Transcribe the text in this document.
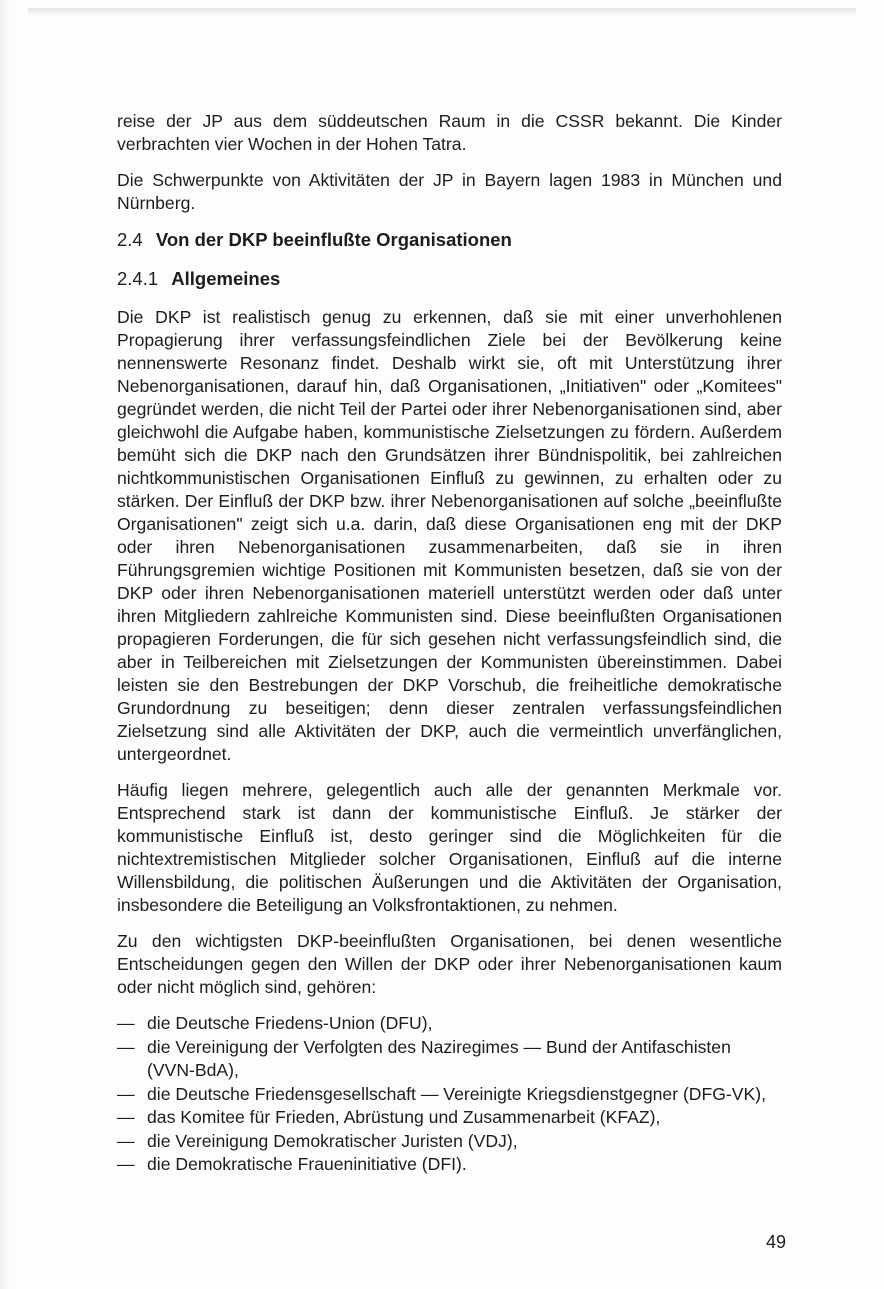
reise der JP aus dem süddeutschen Raum in die CSSR bekannt. Die Kinder verbrachten vier Wochen in der Hohen Tatra.

Die Schwerpunkte von Aktivitäten der JP in Bayern lagen 1983 in München und Nürnberg.

2.4 Von der DKP beeinflußte Organisationen
2.4.1 Allgemeines

Die DKP ist realistisch genug zu erkennen, daß sie mit einer unverhohlenen Propagierung ihrer verfassungsfeindlichen Ziele bei der Bevölkerung keine nennenswerte Resonanz findet. Deshalb wirkt sie, oft mit Unterstützung ihrer Nebenorganisationen, darauf hin, daß Organisationen, „Initiativen" oder „Komitees" gegründet werden, die nicht Teil der Partei oder ihrer Nebenorganisationen sind, aber gleichwohl die Aufgabe haben, kommunistische Zielsetzungen zu fördern. Außerdem bemüht sich die DKP nach den Grundsätzen ihrer Bündnispolitik, bei zahlreichen nichtkommunistischen Organisationen Einfluß zu gewinnen, zu erhalten oder zu stärken. Der Einfluß der DKP bzw. ihrer Nebenorganisationen auf solche „beeinflußte Organisationen" zeigt sich u.a. darin, daß diese Organisationen eng mit der DKP oder ihren Nebenorganisationen zusammenarbeiten, daß sie in ihren Führungsgremien wichtige Positionen mit Kommunisten besetzen, daß sie von der DKP oder ihren Nebenorganisationen materiell unterstützt werden oder daß unter ihren Mitgliedern zahlreiche Kommunisten sind. Diese beeinflußten Organisationen propagieren Forderungen, die für sich gesehen nicht verfassungsfeindlich sind, die aber in Teilbereichen mit Zielsetzungen der Kommunisten übereinstimmen. Dabei leisten sie den Bestrebungen der DKP Vorschub, die freiheitliche demokratische Grundordnung zu beseitigen; denn dieser zentralen verfassungsfeindlichen Zielsetzung sind alle Aktivitäten der DKP, auch die vermeintlich unverfänglichen, untergeordnet.

Häufig liegen mehrere, gelegentlich auch alle der genannten Merkmale vor. Entsprechend stark ist dann der kommunistische Einfluß. Je stärker der kommunistische Einfluß ist, desto geringer sind die Möglichkeiten für die nichtextremistischen Mitglieder solcher Organisationen, Einfluß auf die interne Willensbildung, die politischen Äußerungen und die Aktivitäten der Organisation, insbesondere die Beteiligung an Volksfrontaktionen, zu nehmen.

Zu den wichtigsten DKP-beeinflußten Organisationen, bei denen wesentliche Entscheidungen gegen den Willen der DKP oder ihrer Nebenorganisationen kaum oder nicht möglich sind, gehören:

— die Deutsche Friedens-Union (DFU),
— die Vereinigung der Verfolgten des Naziregimes — Bund der Antifaschisten (VVN-BdA),
— die Deutsche Friedensgesellschaft — Vereinigte Kriegsdienstgegner (DFG-VK),
— das Komitee für Frieden, Abrüstung und Zusammenarbeit (KFAZ),
— die Vereinigung Demokratischer Juristen (VDJ),
— die Demokratische Fraueninitiative (DFI).
49
